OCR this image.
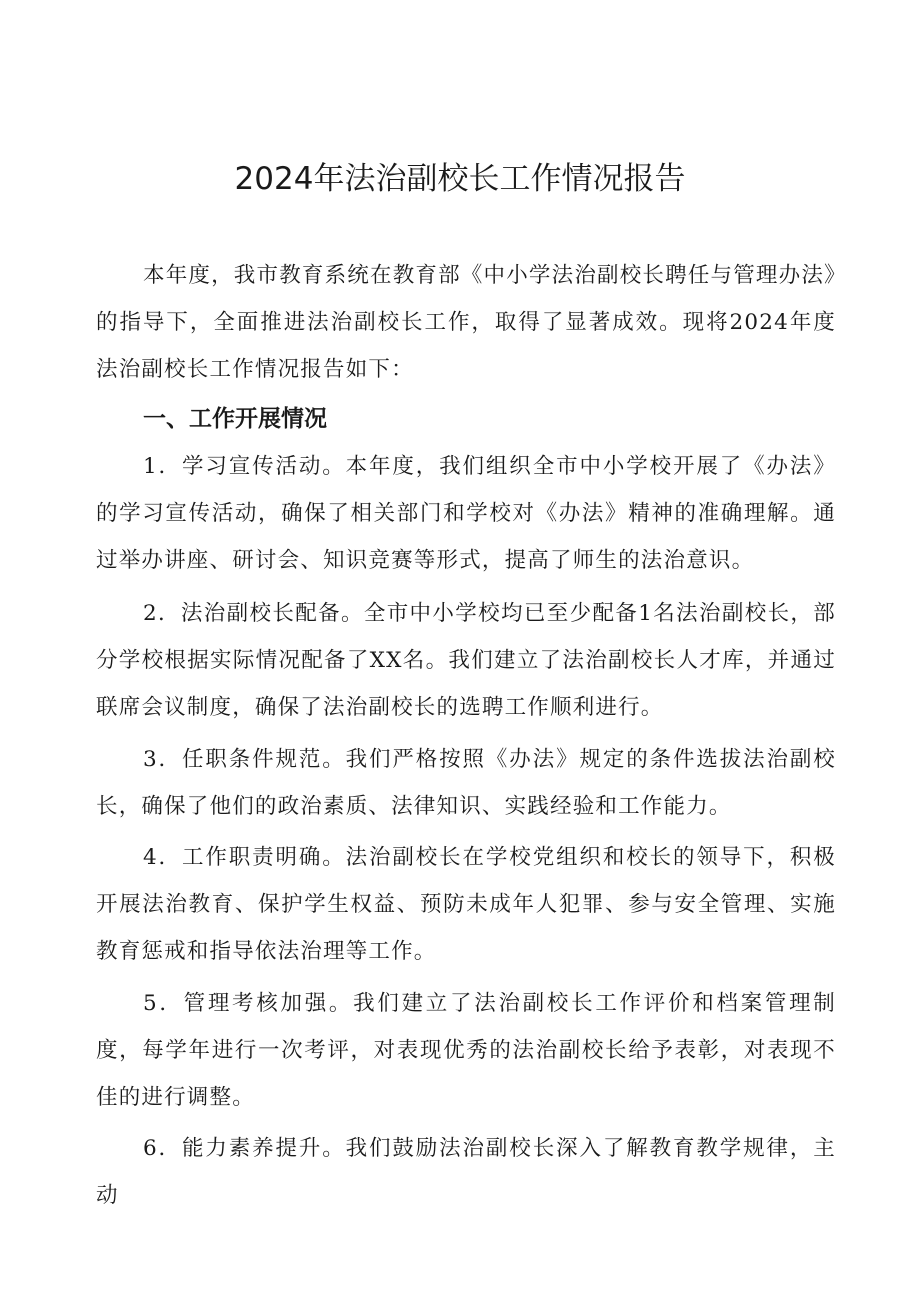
2024年法治副校长工作情况报告

本年度，我市教育系统在教育部《中小学法治副校长聘任与管理办法》的指导下，全面推进法治副校长工作，取得了显著成效。现将2024年度法治副校长工作情况报告如下：

一、工作开展情况

1．学习宣传活动。本年度，我们组织全市中小学校开展了《办法》的学习宣传活动，确保了相关部门和学校对《办法》精神的准确理解。通过举办讲座、研讨会、知识竞赛等形式，提高了师生的法治意识。

2．法治副校长配备。全市中小学校均已至少配备1名法治副校长，部分学校根据实际情况配备了XX名。我们建立了法治副校长人才库，并通过联席会议制度，确保了法治副校长的选聘工作顺利进行。

3．任职条件规范。我们严格按照《办法》规定的条件选拔法治副校长，确保了他们的政治素质、法律知识、实践经验和工作能力。

4．工作职责明确。法治副校长在学校党组织和校长的领导下，积极开展法治教育、保护学生权益、预防未成年人犯罪、参与安全管理、实施教育惩戒和指导依法治理等工作。

5．管理考核加强。我们建立了法治副校长工作评价和档案管理制度，每学年进行一次考评，对表现优秀的法治副校长给予表彰，对表现不佳的进行调整。

6．能力素养提升。我们鼓励法治副校长深入了解教育教学规律，主动
